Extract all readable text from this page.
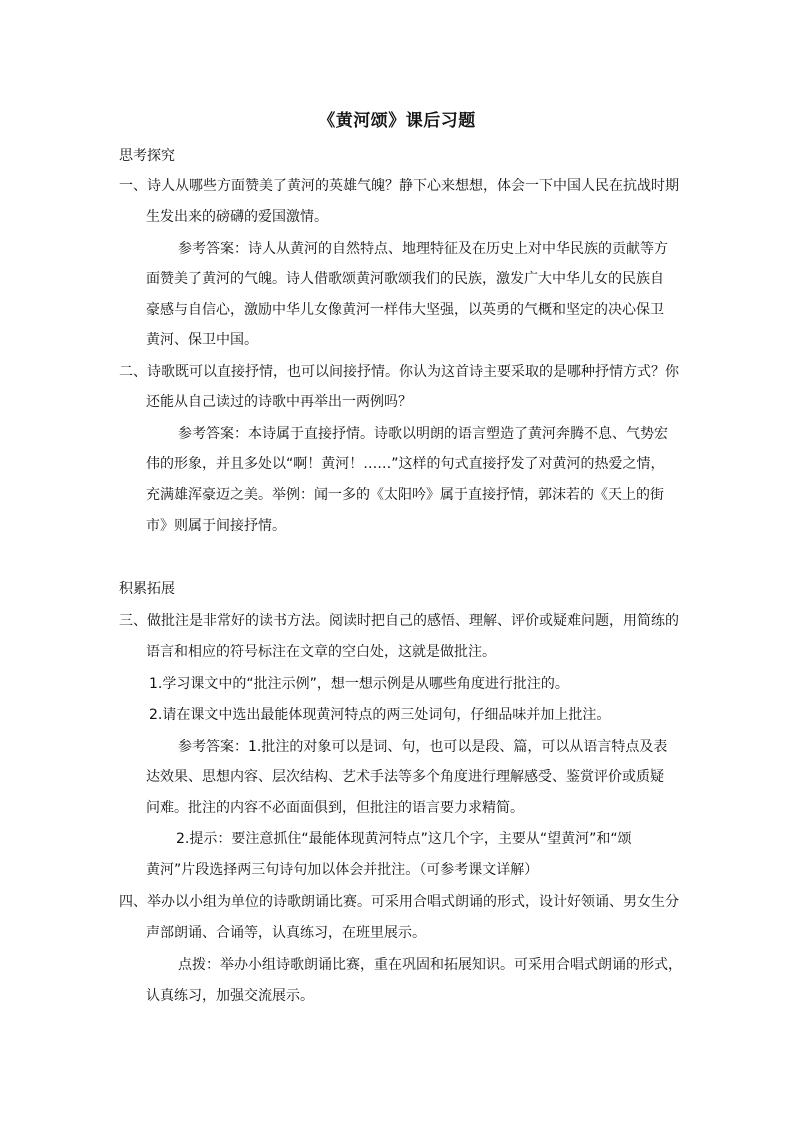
《黄河颂》课后习题
思考探究
一、诗人从哪些方面赞美了黄河的英雄气魄？静下心来想想，体会一下中国人民在抗战时期
生发出来的磅礴的爱国激情。
参考答案：诗人从黄河的自然特点、地理特征及在历史上对中华民族的贡献等方
面赞美了黄河的气魄。诗人借歌颂黄河歌颂我们的民族，激发广大中华儿女的民族自
豪感与自信心，激励中华儿女像黄河一样伟大坚强，以英勇的气概和坚定的决心保卫
黄河、保卫中国。
二、诗歌既可以直接抒情，也可以间接抒情。你认为这首诗主要采取的是哪种抒情方式？你
还能从自己读过的诗歌中再举出一两例吗？
参考答案：本诗属于直接抒情。诗歌以明朗的语言塑造了黄河奔腾不息、气势宏
伟的形象，并且多处以“啊！黄河！……”这样的句式直接抒发了对黄河的热爱之情，
充满雄浑豪迈之美。举例：闻一多的《太阳吟》属于直接抒情，郭沫若的《天上的街
市》则属于间接抒情。
积累拓展
三、做批注是非常好的读书方法。阅读时把自己的感悟、理解、评价或疑难问题，用简练的
语言和相应的符号标注在文章的空白处，这就是做批注。
1.学习课文中的“批注示例”，想一想示例是从哪些角度进行批注的。
2.请在课文中选出最能体现黄河特点的两三处词句，仔细品味并加上批注。
参考答案：1.批注的对象可以是词、句，也可以是段、篇，可以从语言特点及表
达效果、思想内容、层次结构、艺术手法等多个角度进行理解感受、鉴赏评价或质疑
问难。批注的内容不必面面俱到，但批注的语言要力求精简。
2.提示：要注意抓住“最能体现黄河特点”这几个字，主要从“望黄河”和“颂
黄河”片段选择两三句诗句加以体会并批注。（可参考课文详解）
四、举办以小组为单位的诗歌朗诵比赛。可采用合唱式朗诵的形式，设计好领诵、男女生分
声部朗诵、合诵等，认真练习，在班里展示。
点拨：举办小组诗歌朗诵比赛，重在巩固和拓展知识。可采用合唱式朗诵的形式，
认真练习，加强交流展示。
